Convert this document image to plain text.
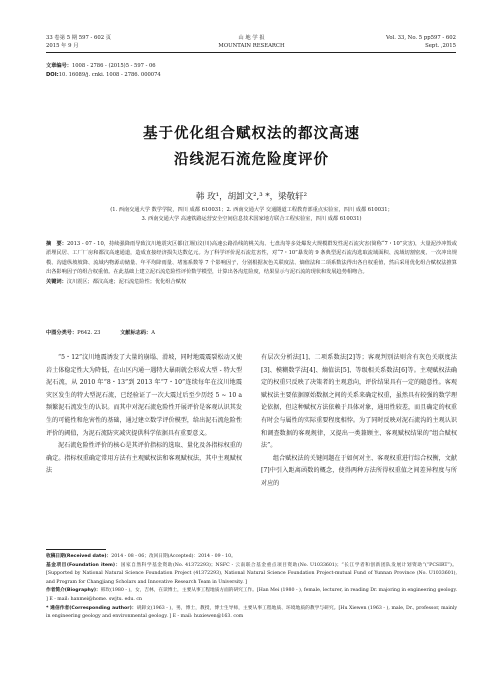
33 卷第 5 期 597 - 602 页
2015 年 9 月
山 地 学 报
MOUNTAIN RESEARCH
Vol. 33, No. 5 pp597 - 602
Sept. ,2015
文章编号：1008 - 2786 - (2015)5 - 597 - 06
DOI:10. 16089/j. cnki. 1008 - 2786. 000074
基于优化组合赋权法的都汶高速
沿线泥石流危险度评价
韩 玫¹，胡卸文²,³ *，梁敬轩²
(1. 西南交通大学 数学学院，四川 成都 610031；2. 西南交通大学 交通隧道工程教育部重点实验室，四川 成都 610031；
3. 西南交通大学 高速铁路运营安全空间信息技术国家地方联合工程实验室，四川 成都 610031)
摘　要：2013 - 07 - 10，持续强降雨导致汶川地震灾区都(江堰)汶(川)高速公路沿线的桃关沟、七盘沟等多处爆发大规模群发性泥石流灾害(简称“7・10”灾害)，大量泥沙冲毁或淤埋民居、工厂厂房和都汶高速通道，造成直接经济损失达数亿元。为了科学评价泥石流危害性，对“7・10”暴发的 9 条典型泥石流沟选取流域面积、流域切割密度、一次冲出规模、沟道纵坡坡降、流域内物源动储量、年平均降雨量、堵塞系数等 7 个影响因子，分别根据灰色关联度法、熵值法和二项系数法得出各自权重值，然后采用优化组合赋权法推算出各影响因子的组合权重值。在此基础上建立泥石流危险性评价数学模型，计算出各沟危险度，结果显示与泥石流的现状和发展趋势相吻合。
关键词：汶川震区；都汶高速；泥石流危险性；优化组合赋权
中图分类号：P642. 23	文献标志码：A

“5・12”汶川地震诱发了大量的崩塌、滑坡，同时地震震裂松动又使岩土体稳定性大为降低，在山区内通一遇特大暴雨就会形成大型 - 特大型泥石流，从 2010 年“8・13”到 2013 年“7・10”连续每年在汶川地震灾区发生的特大型泥石流，已经验证了一次大震过后至少历经 5 ~ 10 a 频繁泥石流发生的认识。而其中对泥石流危险性开展评价是客观认识其发生的可能性和危害性的基础，通过建立数学评价模型，给出泥石流危险性评价的阈值，为泥石流防灾减灾提供科学依据具有重要意义。

泥石流危险性评价的核心是其评价指标的选取、量化及各指标权重的确定。指标权重确定常用方法有主观赋权法和客观赋权法，其中主观赋权法

有层次分析法[1]、二项系数法[2]等；客观判别法则含有灰色关联度法[3]、模糊数学法[4]、熵值法[5]、等级相关系数法[6]等。主观赋权法确定的权重只反映了决策者的主观意向，评价结果具有一定的随意性。客观赋权法主要依据原始数据之间的关系来确定权重，虽然具有较强的数学理论依据，但这种赋权方法依赖于具体对象，通用性较差，而且确定的权重有时会与属性的实际重要程度相悖。为了同时反映对泥石流沟的主观认识和调查数据的客观规律，又提出一类兼顾主、客观赋权结果的“组合赋权法”。

组合赋权法的关键问题在于如何对主、客观权重进行综合权衡，文献[7]中引入距离函数的概念，使得两种方法所得权重值之间差异程度与所对应的

收稿日期(Received date)：2014 - 08 - 06；改回日期(Accepted)：2014 - 09 - 10。
基金项目(Foundation item)：国家自然科学基金资助(No. 41372293)；NSFC - 云南联合基金重点项目资助(No. U1033601)；“长江学者和创新团队发展计划资助”(“PCSIRT”)。[Supported by National Natural Science Foundation Project (41372293), National Natural Science Foundation Project-mutual Fund of Yunnan Province (No. U1033601), and Program for Changjiang Scholars and Innovative Research Team in University. ]
作者简介(Biography)：韩玫(1980 - )，女，吉林，在读博士，主要从事工程地质方面的研究工作。[Han Mei (1980 - ), female, lecturer, in reading Dr. majoring in engineering geology. ] E - mail: hanmei@home. swjtu. edu. cn
* 通信作者(Corresponding author)：胡卸文(1963 - )，男，博士，教授，博士生导师，主要从事工程地质、环境地质的教学与研究。[Hu Xiewen (1963 - ), male, Dr., professor, mainly in engineering geology and environmental geology. ] E - mail: huxiewen@163. com
